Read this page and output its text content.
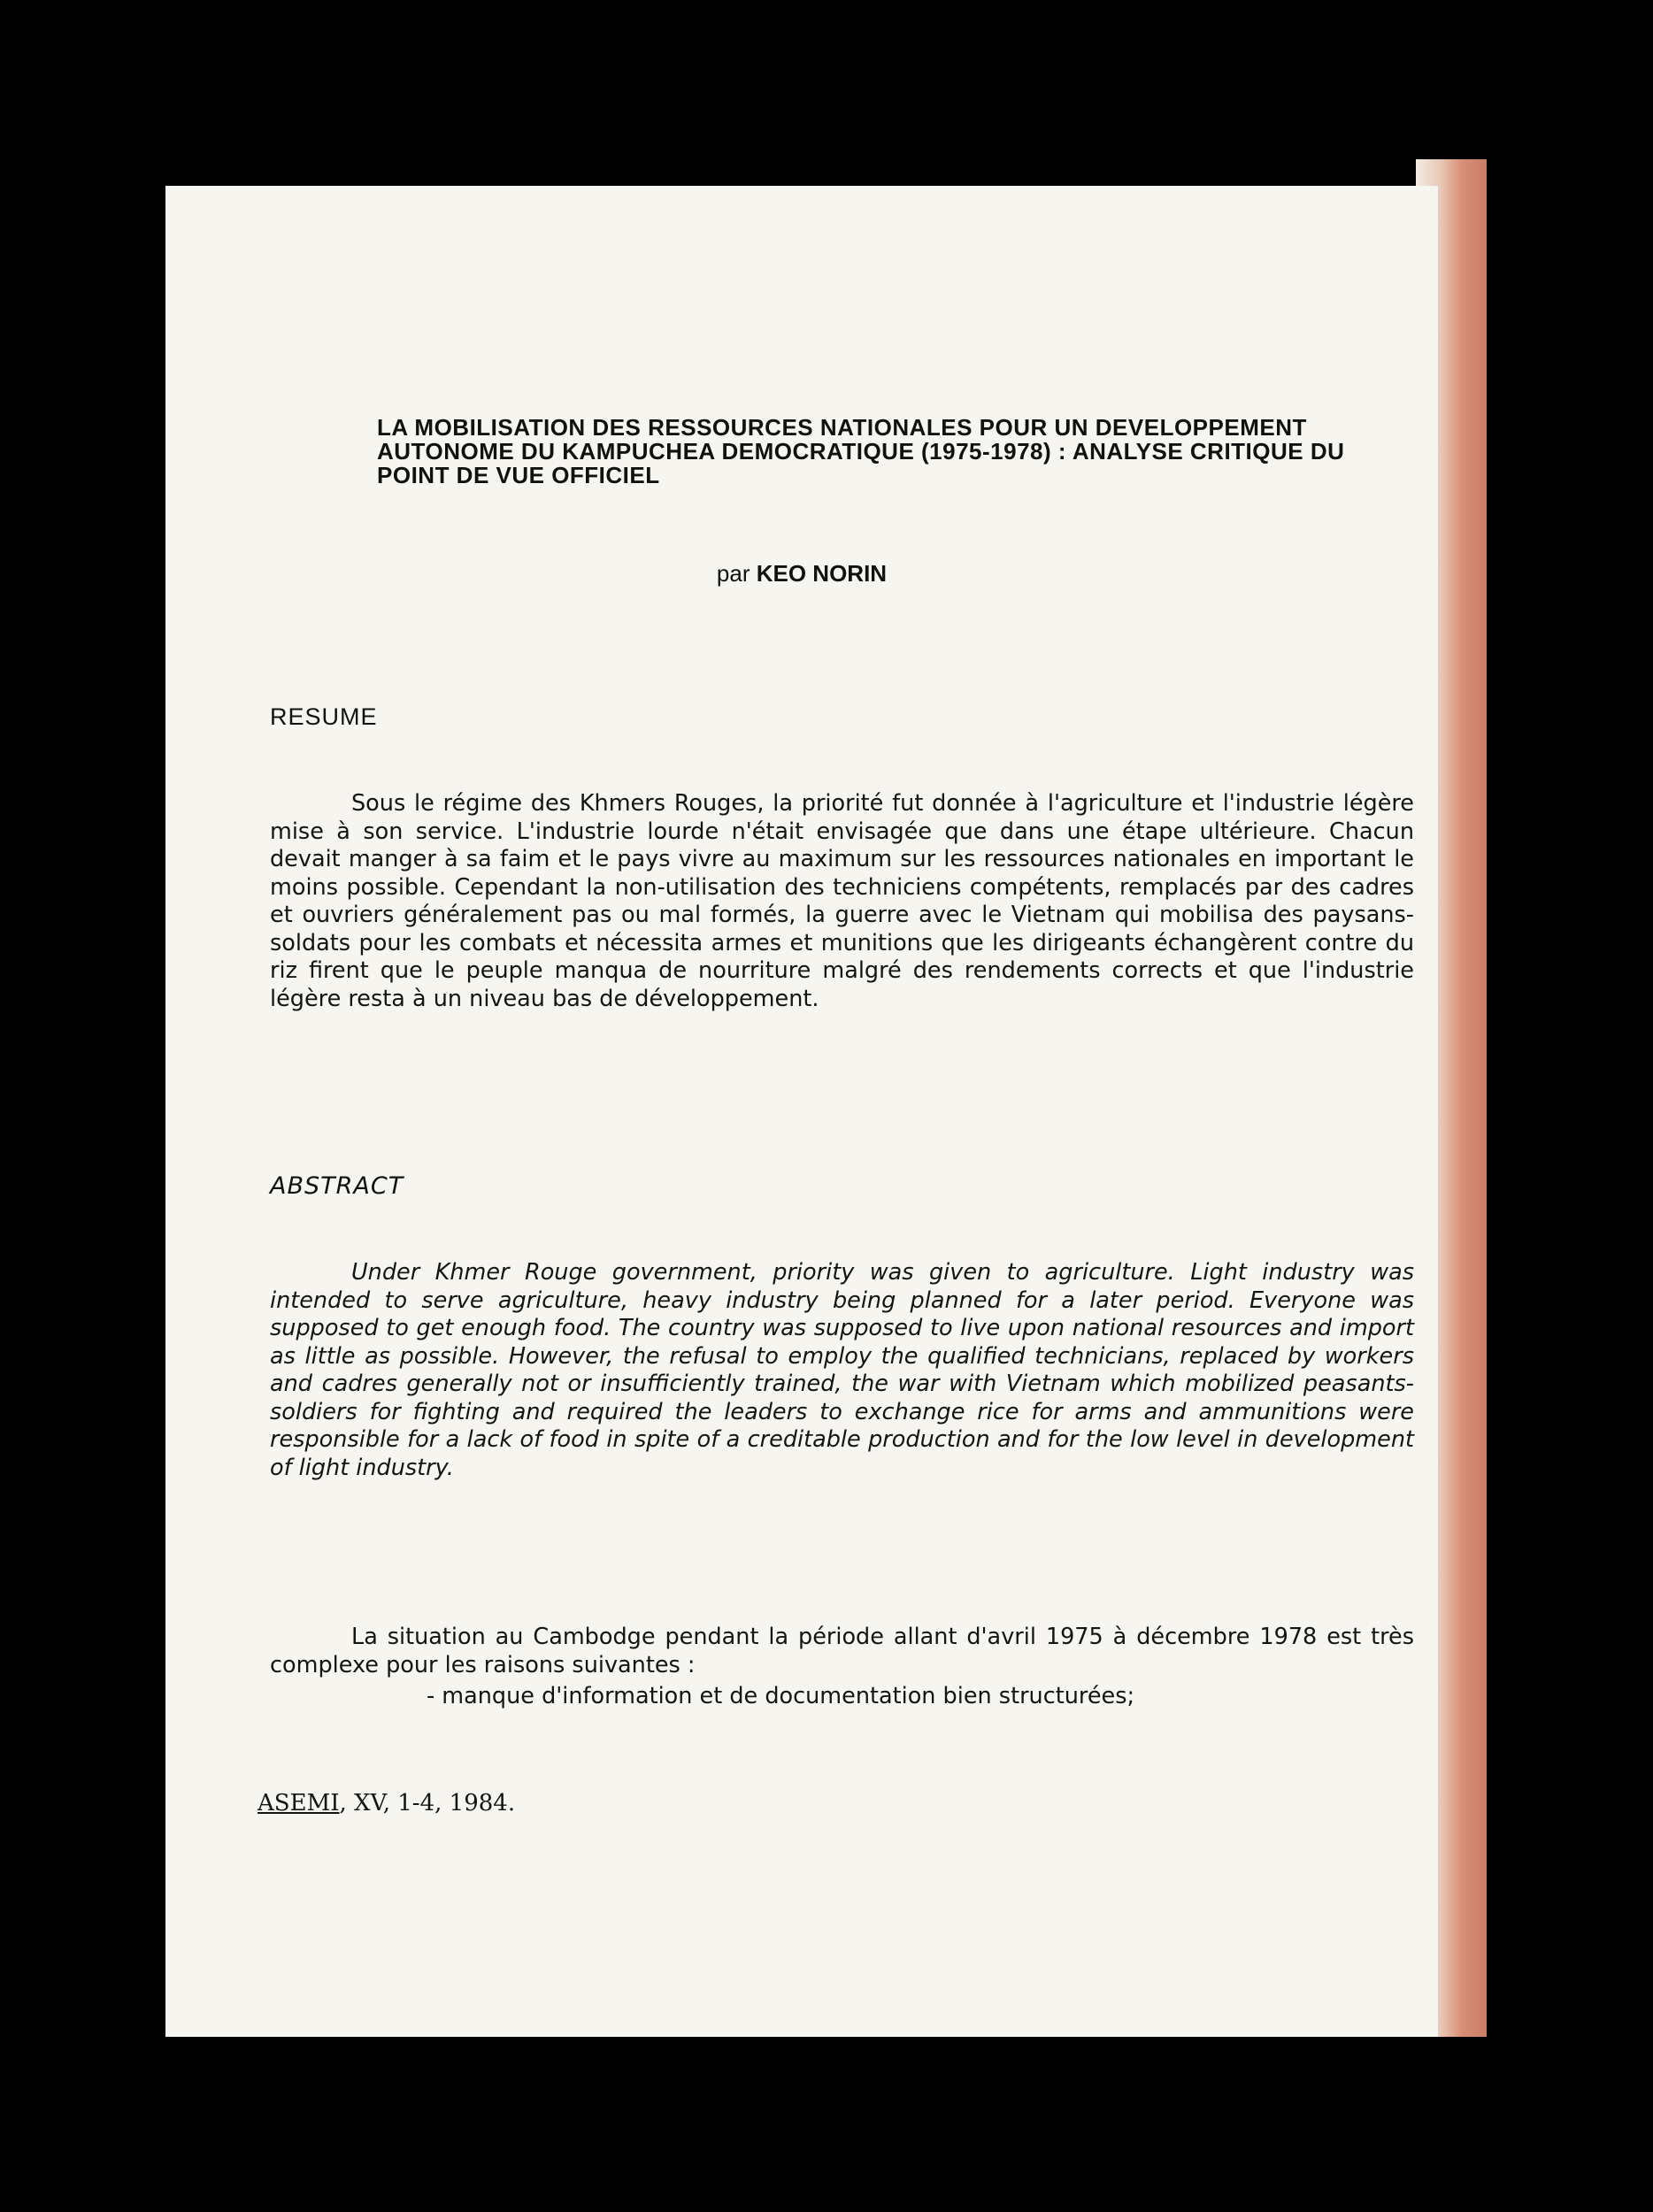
LA MOBILISATION DES RESSOURCES NATIONALES POUR UN DEVELOPPEMENT AUTONOME DU KAMPUCHEA DEMOCRATIQUE (1975-1978) : ANALYSE CRITIQUE DU POINT DE VUE OFFICIEL
par KEO NORIN
RESUME
Sous le régime des Khmers Rouges, la priorité fut donnée à l'agriculture et l'industrie légère mise à son service. L'industrie lourde n'était envisagée que dans une étape ultérieure. Chacun devait manger à sa faim et le pays vivre au maximum sur les ressources nationales en important le moins possible. Cependant la non-utilisation des techniciens compétents, remplacés par des cadres et ouvriers généralement pas ou mal formés, la guerre avec le Vietnam qui mobilisa des paysans-soldats pour les combats et nécessita armes et munitions que les dirigeants échangèrent contre du riz firent que le peuple manqua de nourriture malgré des rendements corrects et que l'industrie légère resta à un niveau bas de développement.
ABSTRACT
Under Khmer Rouge government, priority was given to agriculture. Light industry was intended to serve agriculture, heavy industry being planned for a later period. Everyone was supposed to get enough food. The country was supposed to live upon national resources and import as little as possible. However, the refusal to employ the qualified technicians, replaced by workers and cadres generally not or insufficiently trained, the war with Vietnam which mobilized peasants-soldiers for fighting and required the leaders to exchange rice for arms and ammunitions were responsible for a lack of food in spite of a creditable production and for the low level in development of light industry.
La situation au Cambodge pendant la période allant d'avril 1975 à décembre 1978 est très complexe pour les raisons suivantes :
- manque d'information et de documentation bien structurées;
ASEMI, XV, 1-4, 1984.
